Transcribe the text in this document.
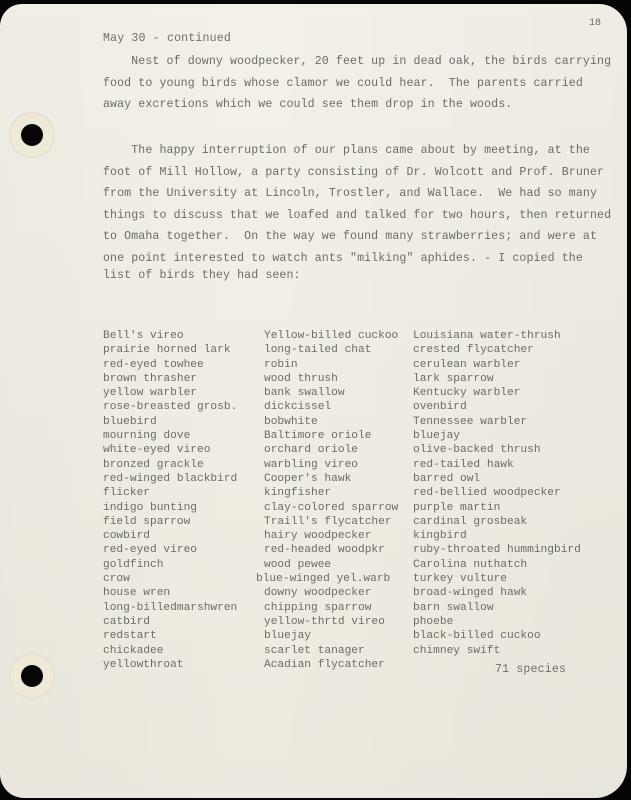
18
May 30 - continued
Nest of downy woodpecker, 20 feet up in dead oak, the birds carrying
food to young birds whose clamor we could hear.  The parents carried
away excretions which we could see them drop in the woods.
The happy interruption of our plans came about by meeting, at the
foot of Mill Hollow, a party consisting of Dr. Wolcott and Prof. Bruner
from the University at Lincoln, Trostler, and Wallace.  We had so many
things to discuss that we loafed and talked for two hours, then returned
to Omaha together.  On the way we found many strawberries; and were at
one point interested to watch ants "milking" aphides. - I copied the
list of birds they had seen:
Bell's vireo
prairie horned lark
red-eyed towhee
brown thrasher
yellow warbler
rose-breasted grosb.
bluebird
mourning dove
white-eyed vireo
bronzed grackle
red-winged blackbird
flicker
indigo bunting
field sparrow
cowbird
red-eyed vireo
goldfinch
crow
house wren
long-billedmarshwren
catbird
redstart
chickadee
yellowthroat
Yellow-billed cuckoo
long-tailed chat
robin
wood thrush
bank swallow
dickcissel
bobwhite
Baltimore oriole
orchard oriole
warbling vireo
Cooper's hawk
kingfisher
clay-colored sparrow
Traill's flycatcher
hairy woodpecker
red-headed woodpkr
wood pewee
blue-winged yel.warb
downy woodpecker
chipping sparrow
yellow-thrtd vireo
bluejay
scarlet tanager
Acadian flycatcher
Louisiana water-thrush
crested flycatcher
cerulean warbler
lark sparrow
Kentucky warbler
ovenbird
Tennessee warbler
bluejay
olive-backed thrush
red-tailed hawk
barred owl
red-bellied woodpecker
purple martin
cardinal grosbeak
kingbird
ruby-throated hummingbird
Carolina nuthatch
turkey vulture
broad-winged hawk
barn swallow
phoebe
black-billed cuckoo
chimney swift
71 species
